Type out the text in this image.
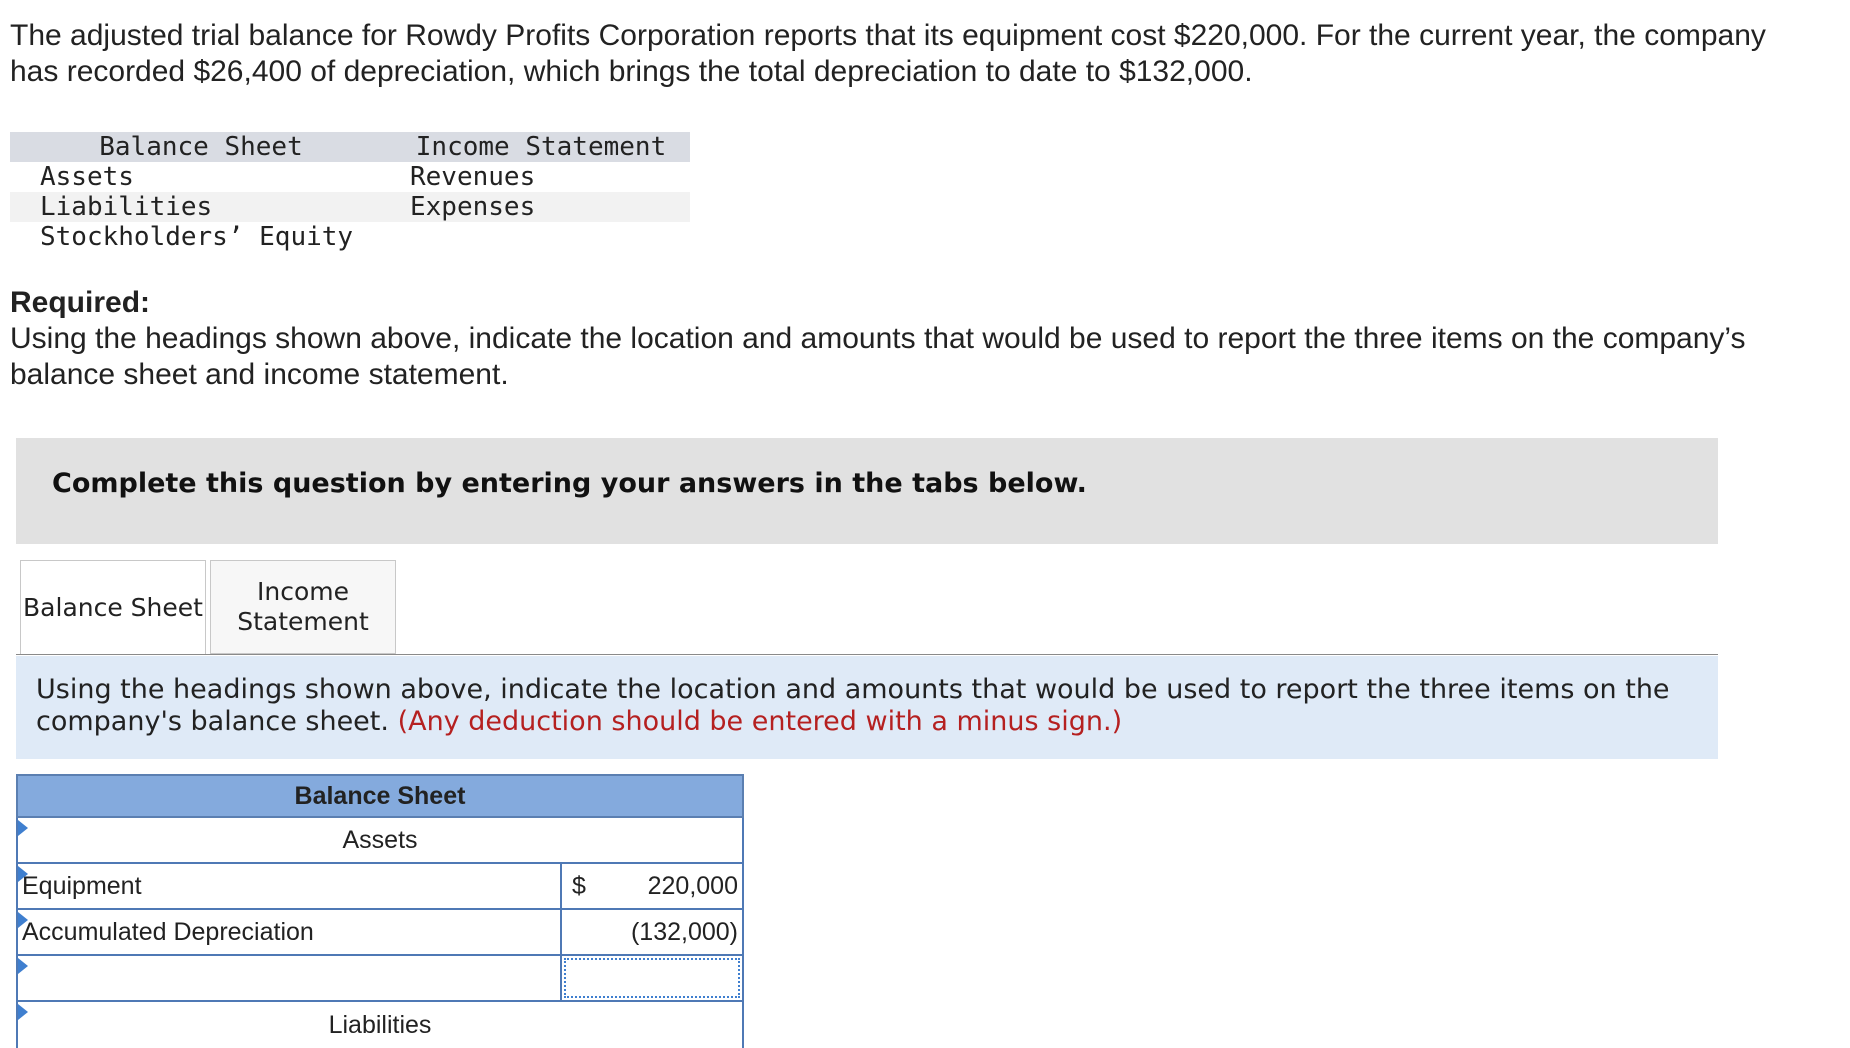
The adjusted trial balance for Rowdy Profits Corporation reports that its equipment cost $220,000. For the current year, the company
has recorded $26,400 of depreciation, which brings the total depreciation to date to $132,000.
Balance Sheet	Income Statement
Assets	Revenues
Liabilities	Expenses
Stockholders’ Equity	
Required:
Using the headings shown above, indicate the location and amounts that would be used to report the three items on the company’s
balance sheet and income statement.
Complete this question by entering your answers in the tabs below.
Balance Sheet
Income
Statement
Using the headings shown above, indicate the location and amounts that would be used to report the three items on the
company's balance sheet. (Any deduction should be entered with a minus sign.)
Balance Sheet
Assets
Equipment	$	220,000
Accumulated Depreciation	(132,000)
Liabilities
